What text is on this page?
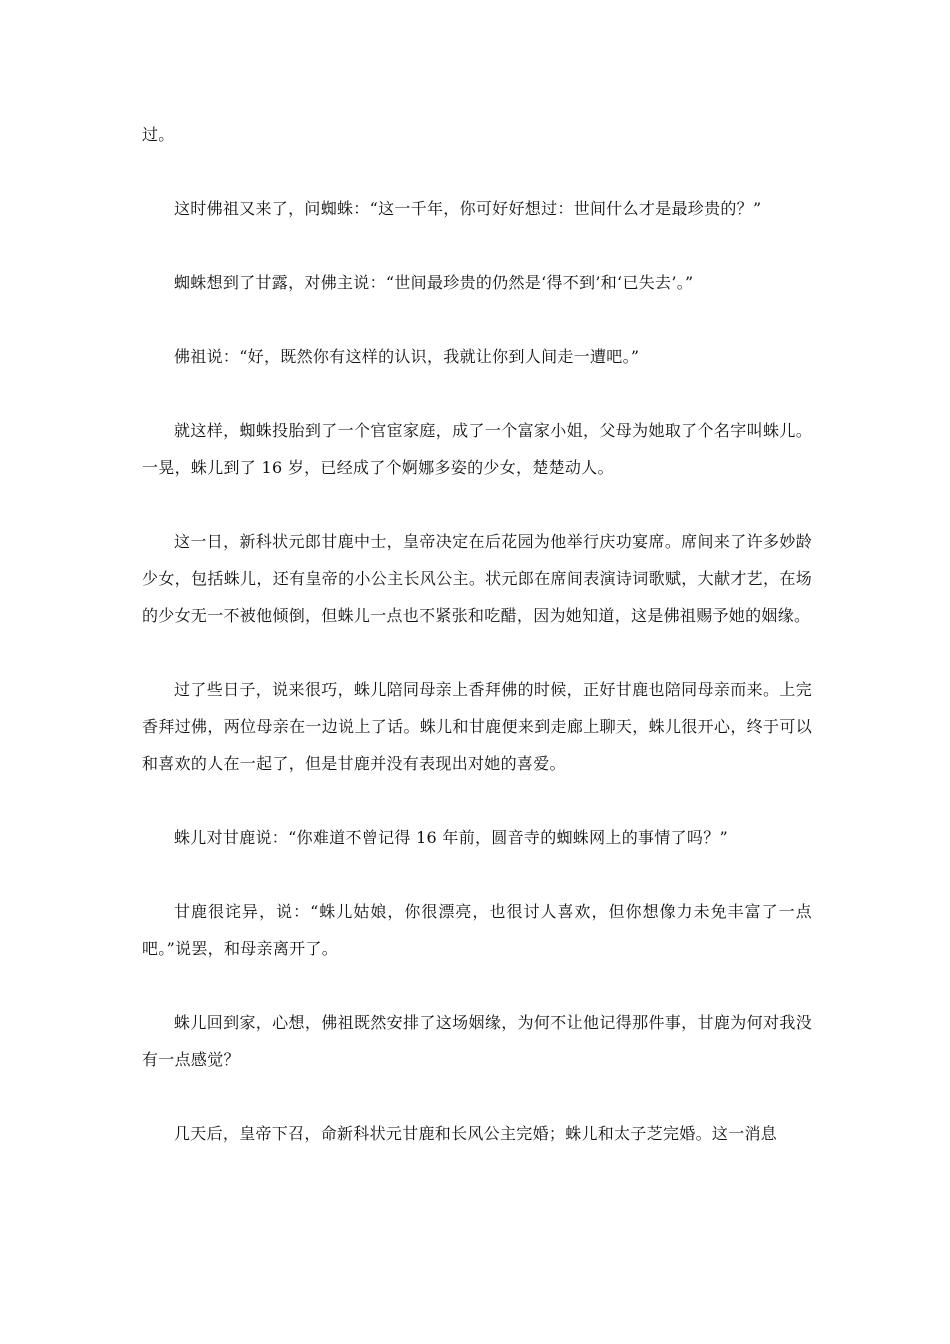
过。

这时佛祖又来了，问蜘蛛：“这一千年，你可好好想过：世间什么才是最珍贵的？”

蜘蛛想到了甘露，对佛主说：“世间最珍贵的仍然是‘得不到’和‘已失去’。”

佛祖说：“好，既然你有这样的认识，我就让你到人间走一遭吧。”

就这样，蜘蛛投胎到了一个官宦家庭，成了一个富家小姐，父母为她取了个名字叫蛛儿。一晃，蛛儿到了 16 岁，已经成了个婀娜多姿的少女，楚楚动人。

这一日，新科状元郎甘鹿中士，皇帝决定在后花园为他举行庆功宴席。席间来了许多妙龄少女，包括蛛儿，还有皇帝的小公主长风公主。状元郎在席间表演诗词歌赋，大献才艺，在场的少女无一不被他倾倒，但蛛儿一点也不紧张和吃醋，因为她知道，这是佛祖赐予她的姻缘。

过了些日子，说来很巧，蛛儿陪同母亲上香拜佛的时候，正好甘鹿也陪同母亲而来。上完香拜过佛，两位母亲在一边说上了话。蛛儿和甘鹿便来到走廊上聊天，蛛儿很开心，终于可以和喜欢的人在一起了，但是甘鹿并没有表现出对她的喜爱。

蛛儿对甘鹿说：“你难道不曾记得 16 年前，圆音寺的蜘蛛网上的事情了吗？”

甘鹿很诧异，说：“蛛儿姑娘，你很漂亮，也很讨人喜欢，但你想像力未免丰富了一点吧。”说罢，和母亲离开了。

蛛儿回到家，心想，佛祖既然安排了这场姻缘，为何不让他记得那件事，甘鹿为何对我没有一点感觉？

几天后，皇帝下召，命新科状元甘鹿和长风公主完婚；蛛儿和太子芝完婚。这一消息
